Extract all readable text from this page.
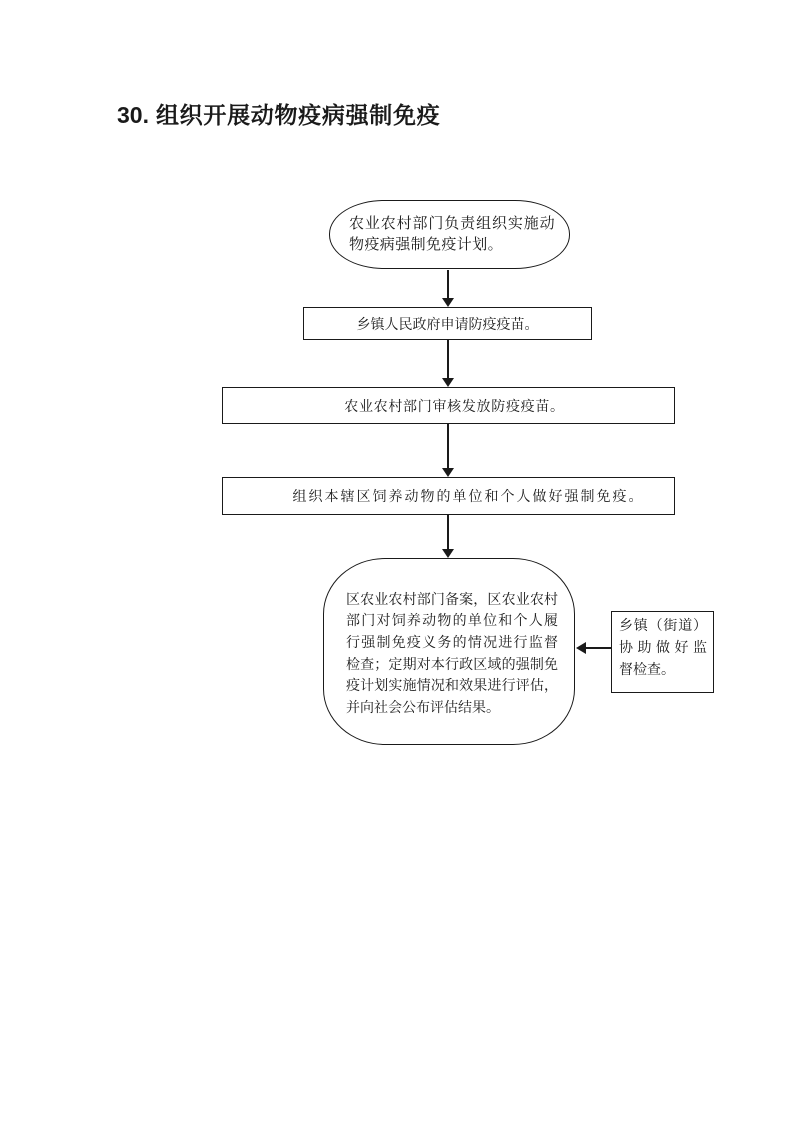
30. 组织开展动物疫病强制免疫
农业农村部门负责组织实施动
物疫病强制免疫计划。
乡镇人民政府申请防疫疫苗。
农业农村部门审核发放防疫疫苗。
组织本辖区饲养动物的单位和个人做好强制免疫。
区农业农村部门备案，区农业农村
部门对饲养动物的单位和个人履
行强制免疫义务的情况进行监督
检查；定期对本行政区域的强制免
疫计划实施情况和效果进行评估，
并向社会公布评估结果。
乡镇（街道）
协助做好监
督检查。
